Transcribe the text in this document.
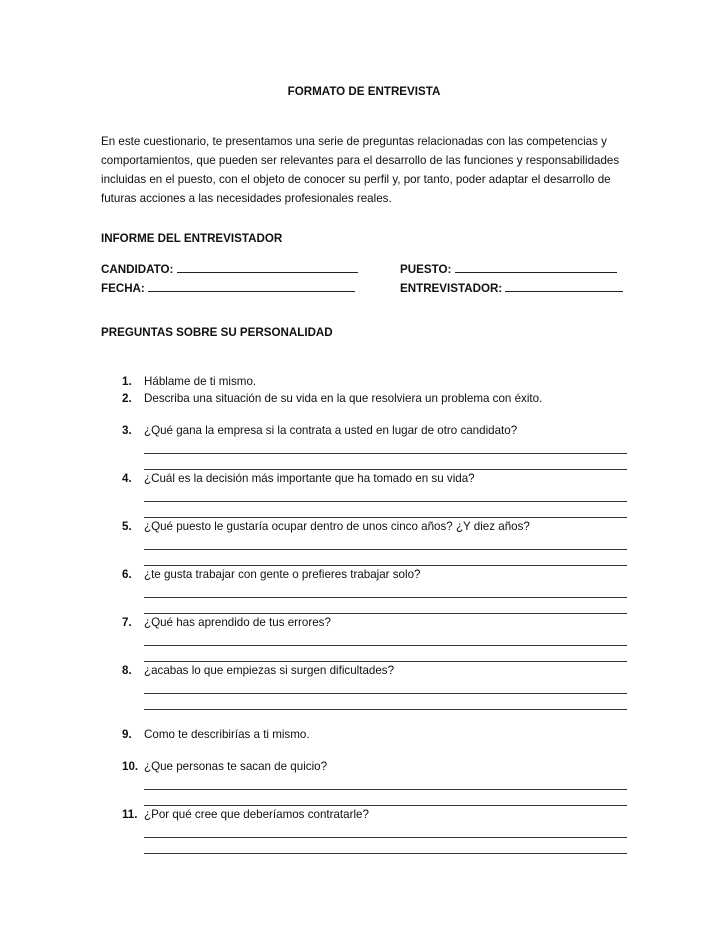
FORMATO DE ENTREVISTA
En este cuestionario, te presentamos una serie de preguntas relacionadas con las competencias y comportamientos, que pueden ser relevantes para el desarrollo de las funciones y responsabilidades incluidas en el puesto, con el objeto de conocer su perfil y, por tanto, poder adaptar el desarrollo de futuras acciones a las necesidades profesionales reales.
INFORME DEL ENTREVISTADOR
CANDIDATO:	PUESTO:
FECHA:	ENTREVISTADOR:
PREGUNTAS SOBRE SU PERSONALIDAD
1. Háblame de ti mismo.
2. Describa una situación de su vida en la que resolviera un problema con éxito.
3. ¿Qué gana la empresa si la contrata a usted en lugar de otro candidato?
4. ¿Cuál es la decisión más importante que ha tomado en su vida?
5. ¿Qué puesto le gustaría ocupar dentro de unos cinco años? ¿Y diez años?
6. ¿te gusta trabajar con gente o prefieres trabajar solo?
7. ¿Qué has aprendido de tus errores?
8. ¿acabas lo que empiezas si surgen dificultades?
9. Como te describirías a ti mismo.
10. ¿Que personas te sacan de quicio?
11. ¿Por qué cree que deberíamos contratarle?
